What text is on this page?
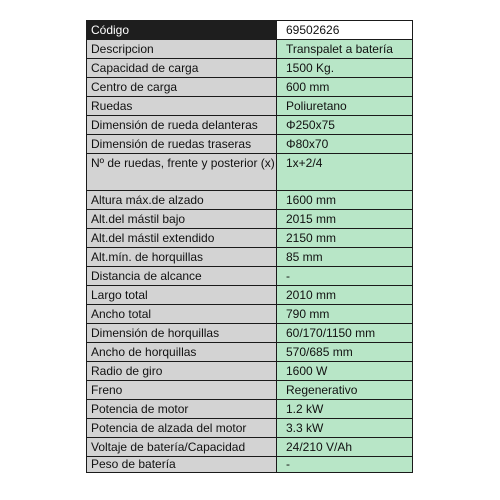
Código	69502626
Descripcion	Transpalet a batería
Capacidad de carga	1500 Kg.
Centro de carga	600 mm
Ruedas	Poliuretano
Dimensión de rueda delanteras	Φ250x75
Dimensión de ruedas traseras	Φ80x70
Nº de ruedas, frente y posterior (x)	1x+2/4
Altura máx.de alzado	1600 mm
Alt.del mástil bajo	2015 mm
Alt.del mástil extendido	2150 mm
Alt.mín. de horquillas	85 mm
Distancia de alcance	-
Largo total	2010 mm
Ancho total	790 mm
Dimensión de horquillas	60/170/1150 mm
Ancho de horquillas	570/685 mm
Radio de giro	1600 W
Freno	Regenerativo
Potencia de motor	1.2 kW
Potencia de alzada del motor	3.3 kW
Voltaje de batería/Capacidad	24/210 V/Ah
Peso de batería	-
